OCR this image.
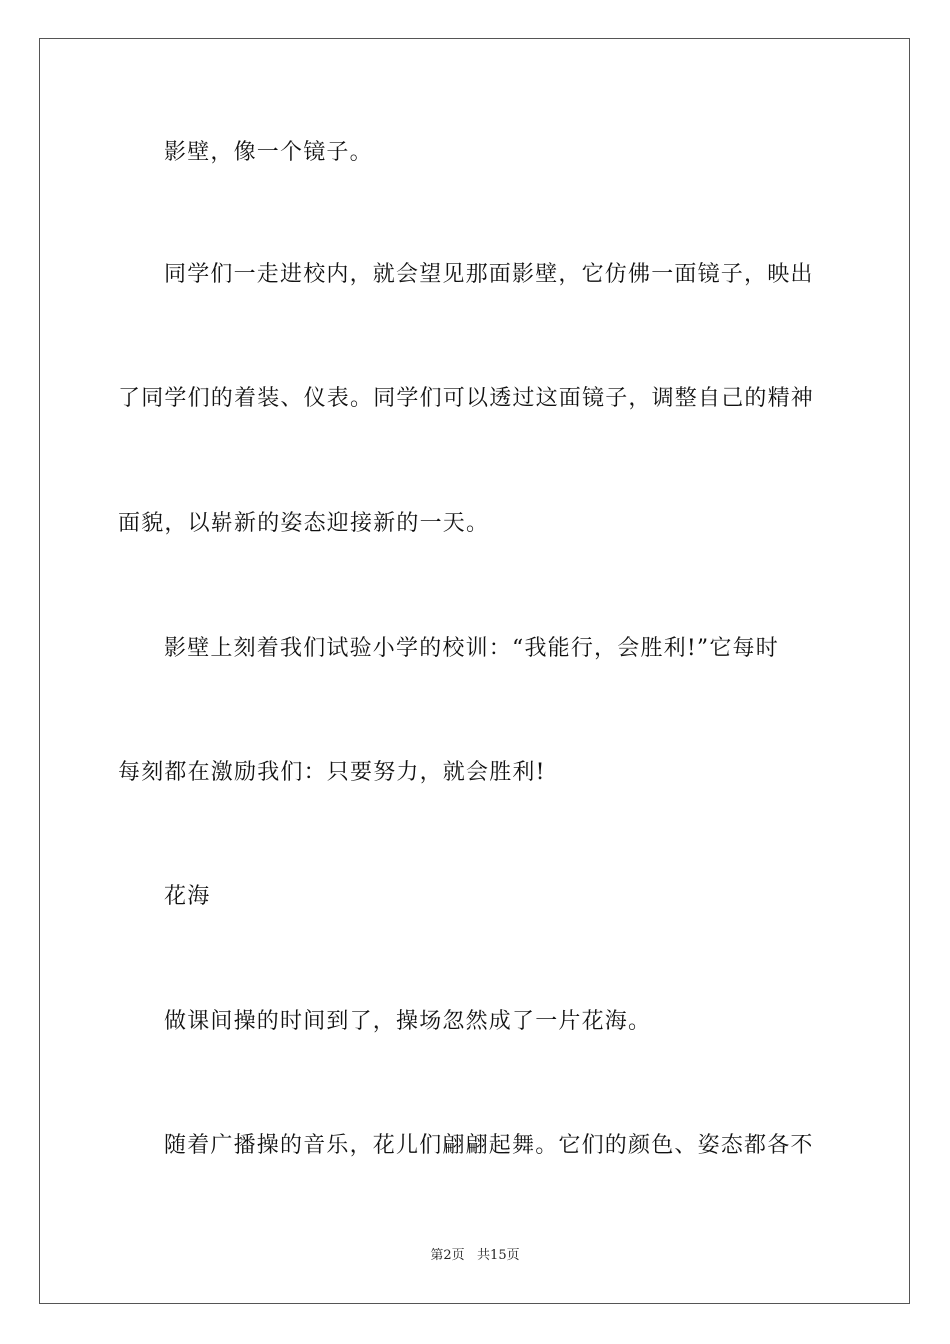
影壁，像一个镜子。
同学们一走进校内，就会望见那面影壁，它仿佛一面镜子，映出
了同学们的着装、仪表。同学们可以透过这面镜子，调整自己的精神
面貌，以崭新的姿态迎接新的一天。
影壁上刻着我们试验小学的校训：“我能行，会胜利!”它每时
每刻都在激励我们：只要努力，就会胜利!
花海
做课间操的时间到了，操场忽然成了一片花海。
随着广播操的音乐，花儿们翩翩起舞。它们的颜色、姿态都各不
第2页   共15页
